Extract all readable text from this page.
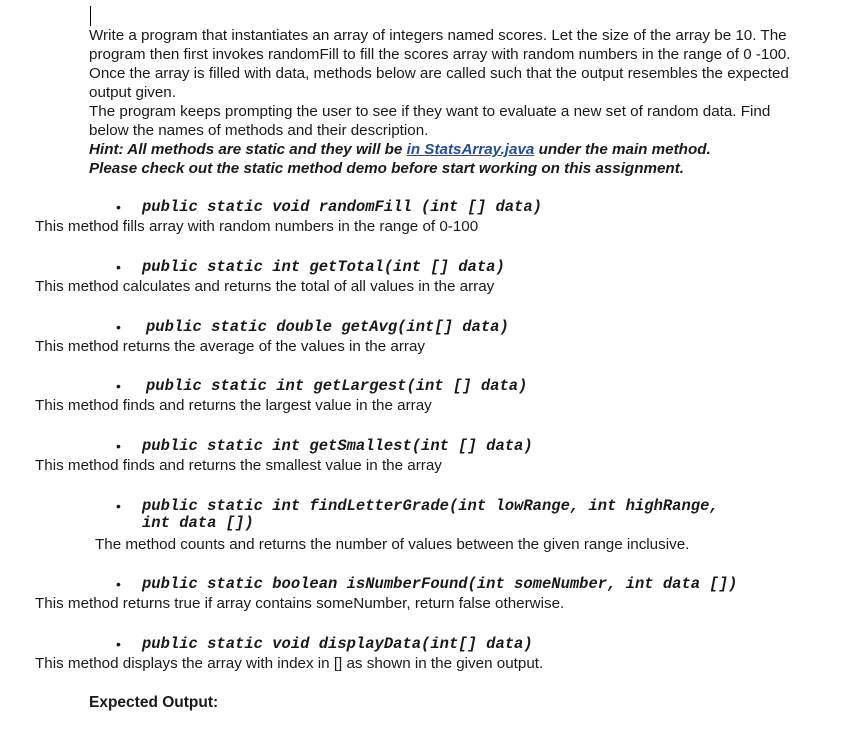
Write a program that instantiates an array of integers named scores. Let the size of the array be 10. The program then first invokes randomFill to fill the scores array with random numbers in the range of 0 -100. Once the array is filled with data, methods below are called such that the output resembles the expected output given.

The program keeps prompting the user to see if they want to evaluate a new set of random data. Find below the names of methods and their description.

Hint: All methods are static and they will be in StatsArray.java under the main method.

Please check out the static method demo before start working on this assignment.

• public static void randomFill (int [] data)
This method fills array with random numbers in the range of 0-100
• public static int getTotal(int [] data)
This method calculates and returns the total of all values in the array
• public static double getAvg(int[] data)
This method returns the average of the values in the array
• public static int getLargest(int [] data)
This method finds and returns the largest value in the array
• public static int getSmallest(int [] data)
This method finds and returns the smallest value in the array
• public static int findLetterGrade(int lowRange, int highRange,
int data [])
The method counts and returns the number of values between the given range inclusive.
• public static boolean isNumberFound(int someNumber, int data [])
This method returns true if array contains someNumber, return false otherwise.
• public static void displayData(int[] data)
This method displays the array with index in [] as shown in the given output.
Expected Output:
